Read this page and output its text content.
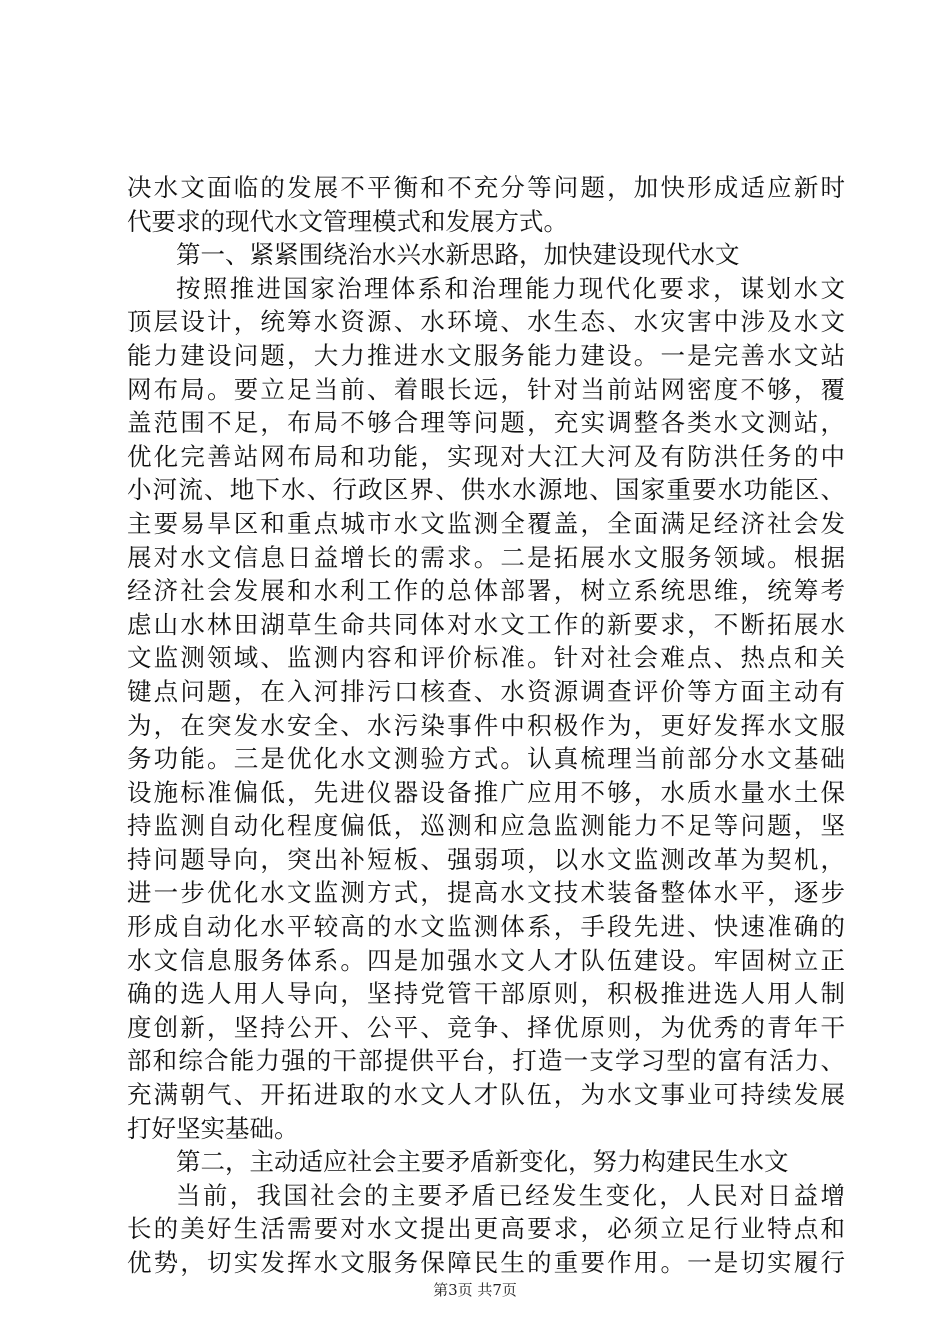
决水文面临的发展不平衡和不充分等问题，加快形成适应新时
代要求的现代水文管理模式和发展方式。
第一、紧紧围绕治水兴水新思路，加快建设现代水文
按照推进国家治理体系和治理能力现代化要求，谋划水文
顶层设计，统筹水资源、水环境、水生态、水灾害中涉及水文
能力建设问题，大力推进水文服务能力建设。一是完善水文站
网布局。要立足当前、着眼长远，针对当前站网密度不够，覆
盖范围不足，布局不够合理等问题，充实调整各类水文测站，
优化完善站网布局和功能，实现对大江大河及有防洪任务的中
小河流、地下水、行政区界、供水水源地、国家重要水功能区、
主要易旱区和重点城市水文监测全覆盖，全面满足经济社会发
展对水文信息日益增长的需求。二是拓展水文服务领域。根据
经济社会发展和水利工作的总体部署，树立系统思维，统筹考
虑山水林田湖草生命共同体对水文工作的新要求，不断拓展水
文监测领域、监测内容和评价标准。针对社会难点、热点和关
键点问题，在入河排污口核查、水资源调查评价等方面主动有
为，在突发水安全、水污染事件中积极作为，更好发挥水文服
务功能。三是优化水文测验方式。认真梳理当前部分水文基础
设施标准偏低，先进仪器设备推广应用不够，水质水量水土保
持监测自动化程度偏低，巡测和应急监测能力不足等问题，坚
持问题导向，突出补短板、强弱项，以水文监测改革为契机，
进一步优化水文监测方式，提高水文技术装备整体水平，逐步
形成自动化水平较高的水文监测体系，手段先进、快速准确的
水文信息服务体系。四是加强水文人才队伍建设。牢固树立正
确的选人用人导向，坚持党管干部原则，积极推进选人用人制
度创新，坚持公开、公平、竞争、择优原则，为优秀的青年干
部和综合能力强的干部提供平台，打造一支学习型的富有活力、
充满朝气、开拓进取的水文人才队伍，为水文事业可持续发展
打好坚实基础。
第二，主动适应社会主要矛盾新变化，努力构建民生水文
当前，我国社会的主要矛盾已经发生变化，人民对日益增
长的美好生活需要对水文提出更高要求，必须立足行业特点和
优势，切实发挥水文服务保障民生的重要作用。一是切实履行
第3页 共7页
